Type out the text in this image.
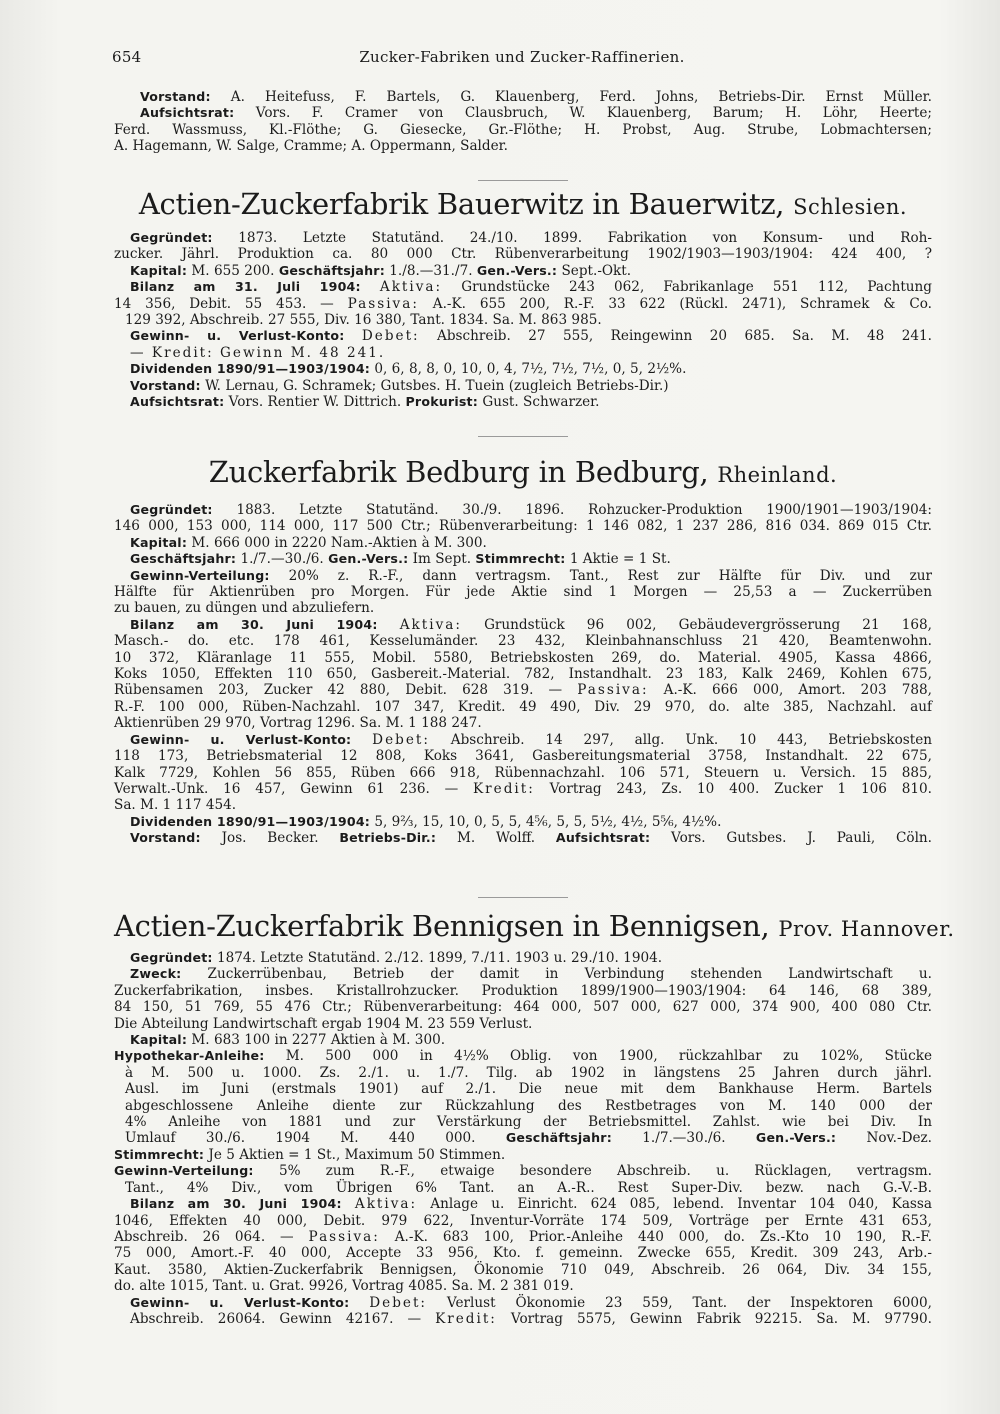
654	Zucker-Fabriken und Zucker-Raffinerien.

Vorstand: A. Heitefuss, F. Bartels, G. Klauenberg, Ferd. Johns, Betriebs-Dir. Ernst Müller.

Aufsichtsrat: Vors. F. Cramer von Clausbruch, W. Klauenberg, Barum; H. Löhr, Heerte;

Ferd. Wassmuss, Kl.-Flöthe; G. Giesecke, Gr.-Flöthe; H. Probst, Aug. Strube, Lobmachtersen;

A. Hagemann, W. Salge, Cramme; A. Oppermann, Salder.

Actien-Zuckerfabrik Bauerwitz in Bauerwitz, Schlesien.

Gegründet: 1873. Letzte Statutänd. 24./10. 1899. Fabrikation von Konsum- und Roh-

zucker. Jährl. Produktion ca. 80 000 Ctr. Rübenverarbeitung 1902/1903—1903/1904: 424 400, ?

Kapital: M. 655 200. Geschäftsjahr: 1./8.—31./7. Gen.-Vers.: Sept.-Okt.

Bilanz am 31. Juli 1904: Aktiva: Grundstücke 243 062, Fabrikanlage 551 112, Pachtung

14 356, Debit. 55 453. — Passiva: A.-K. 655 200, R.-F. 33 622 (Rückl. 2471), Schramek & Co.

129 392, Abschreib. 27 555, Div. 16 380, Tant. 1834. Sa. M. 863 985.

Gewinn- u. Verlust-Konto: Debet: Abschreib. 27 555, Reingewinn 20 685. Sa. M. 48 241.

— Kredit: Gewinn M. 48 241.

Dividenden 1890/91—1903/1904: 0, 6, 8, 8, 0, 10, 0, 4, 7½, 7½, 7½, 0, 5, 2½%.

Vorstand: W. Lernau, G. Schramek; Gutsbes. H. Tuein (zugleich Betriebs-Dir.)

Aufsichtsrat: Vors. Rentier W. Dittrich. Prokurist: Gust. Schwarzer.

Zuckerfabrik Bedburg in Bedburg, Rheinland.

Gegründet: 1883. Letzte Statutänd. 30./9. 1896. Rohzucker-Produktion 1900/1901—1903/1904:

146 000, 153 000, 114 000, 117 500 Ctr.; Rübenverarbeitung: 1 146 082, 1 237 286, 816 034. 869 015 Ctr.

Kapital: M. 666 000 in 2220 Nam.-Aktien à M. 300.

Geschäftsjahr: 1./7.—30./6. Gen.-Vers.: Im Sept. Stimmrecht: 1 Aktie = 1 St.

Gewinn-Verteilung: 20% z. R.-F., dann vertragsm. Tant., Rest zur Hälfte für Div. und zur

Hälfte für Aktienrüben pro Morgen. Für jede Aktie sind 1 Morgen — 25,53 a — Zuckerrüben

zu bauen, zu düngen und abzuliefern.

Bilanz am 30. Juni 1904: Aktiva: Grundstück 96 002, Gebäudevergrösserung 21 168,

Masch.- do. etc. 178 461, Kesselumänder. 23 432, Kleinbahnanschluss 21 420, Beamtenwohn.

10 372, Kläranlage 11 555, Mobil. 5580, Betriebskosten 269, do. Material. 4905, Kassa 4866,

Koks 1050, Effekten 110 650, Gasbereit.-Material. 782, Instandhalt. 23 183, Kalk 2469, Kohlen 675,

Rübensamen 203, Zucker 42 880, Debit. 628 319. — Passiva: A.-K. 666 000, Amort. 203 788,

R.-F. 100 000, Rüben-Nachzahl. 107 347, Kredit. 49 490, Div. 29 970, do. alte 385, Nachzahl. auf

Aktienrüben 29 970, Vortrag 1296. Sa. M. 1 188 247.

Gewinn- u. Verlust-Konto: Debet: Abschreib. 14 297, allg. Unk. 10 443, Betriebskosten

118 173, Betriebsmaterial 12 808, Koks 3641, Gasbereitungsmaterial 3758, Instandhalt. 22 675,

Kalk 7729, Kohlen 56 855, Rüben 666 918, Rübennachzahl. 106 571, Steuern u. Versich. 15 885,

Verwalt.-Unk. 16 457, Gewinn 61 236. — Kredit: Vortrag 243, Zs. 10 400. Zucker 1 106 810.

Sa. M. 1 117 454.

Dividenden 1890/91—1903/1904: 5, 9⅔, 15, 10, 0, 5, 5, 4⅚, 5, 5, 5½, 4½, 5⅚, 4½%.

Vorstand: Jos. Becker. Betriebs-Dir.: M. Wolff. Aufsichtsrat: Vors. Gutsbes. J. Pauli, Cöln.

Actien-Zuckerfabrik Bennigsen in Bennigsen, Prov. Hannover.

Gegründet: 1874. Letzte Statutänd. 2./12. 1899, 7./11. 1903 u. 29./10. 1904.

Zweck: Zuckerrübenbau, Betrieb der damit in Verbindung stehenden Landwirtschaft u.

Zuckerfabrikation, insbes. Kristallrohzucker. Produktion 1899/1900—1903/1904: 64 146, 68 389,

84 150, 51 769, 55 476 Ctr.; Rübenverarbeitung: 464 000, 507 000, 627 000, 374 900, 400 080 Ctr.

Die Abteilung Landwirtschaft ergab 1904 M. 23 559 Verlust.

Kapital: M. 683 100 in 2277 Aktien à M. 300.

Hypothekar-Anleihe: M. 500 000 in 4½% Oblig. von 1900, rückzahlbar zu 102%, Stücke

à M. 500 u. 1000. Zs. 2./1. u. 1./7. Tilg. ab 1902 in längstens 25 Jahren durch jährl.

Ausl. im Juni (erstmals 1901) auf 2./1. Die neue mit dem Bankhause Herm. Bartels

abgeschlossene Anleihe diente zur Rückzahlung des Restbetrages von M. 140 000 der

4% Anleihe von 1881 und zur Verstärkung der Betriebsmittel. Zahlst. wie bei Div. In

Umlauf 30./6. 1904 M. 440 000. Geschäftsjahr: 1./7.—30./6. Gen.-Vers.: Nov.-Dez.

Stimmrecht: Je 5 Aktien = 1 St., Maximum 50 Stimmen.

Gewinn-Verteilung: 5% zum R.-F., etwaige besondere Abschreib. u. Rücklagen, vertragsm.

Tant., 4% Div., vom Übrigen 6% Tant. an A.-R.. Rest Super-Div. bezw. nach G.-V.-B.

Bilanz am 30. Juni 1904: Aktiva: Anlage u. Einricht. 624 085, lebend. Inventar 104 040, Kassa

1046, Effekten 40 000, Debit. 979 622, Inventur-Vorräte 174 509, Vorträge per Ernte 431 653,

Abschreib. 26 064. — Passiva: A.-K. 683 100, Prior.-Anleihe 440 000, do. Zs.-Kto 10 190, R.-F.

75 000, Amort.-F. 40 000, Accepte 33 956, Kto. f. gemeinn. Zwecke 655, Kredit. 309 243, Arb.-

Kaut. 3580, Aktien-Zuckerfabrik Bennigsen, Ökonomie 710 049, Abschreib. 26 064, Div. 34 155,

do. alte 1015, Tant. u. Grat. 9926, Vortrag 4085. Sa. M. 2 381 019.

Gewinn- u. Verlust-Konto: Debet: Verlust Ökonomie 23 559, Tant. der Inspektoren 6000,

Abschreib. 26064. Gewinn 42167. — Kredit: Vortrag 5575, Gewinn Fabrik 92215. Sa. M. 97790.
